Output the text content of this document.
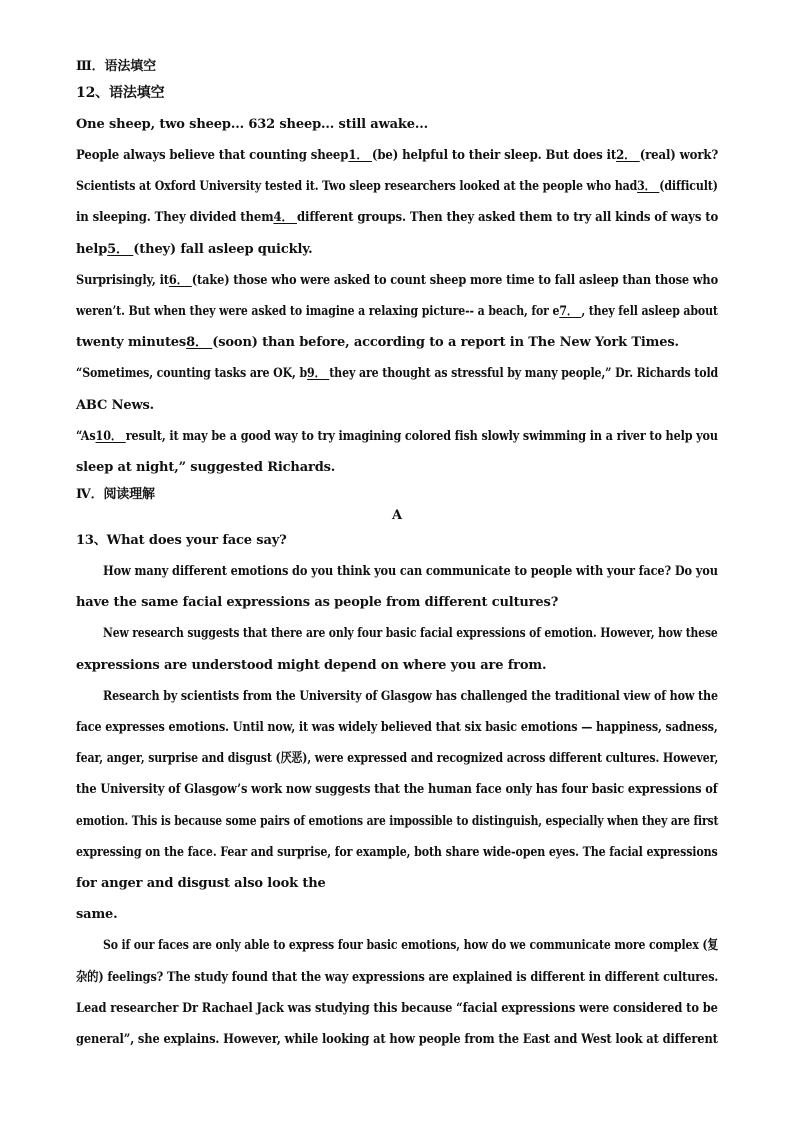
Ⅲ．语法填空
12、语法填空
One sheep, two sheep... 632 sheep... still awake...
People always believe that counting sheep1． (be) helpful to their sleep. But does it2． (real) work?
Scientists at Oxford University tested it. Two sleep researchers looked at the people who had3． (difficult)
in sleeping. They divided them4． different groups. Then they asked them to try all kinds of ways to
help5． (they) fall asleep quickly.
Surprisingly, it6． (take) those who were asked to count sheep more time to fall asleep than those who
weren’t. But when they were asked to imagine a relaxing picture-- a beach, for e7． , they fell asleep about
twenty minutes8． (soon) than before, according to a report in The New York Times.
“Sometimes, counting tasks are OK, b9． they are thought as stressful by many people,” Dr. Richards told
ABC News.
“As10． result, it may be a good way to try imagining colored fish slowly swimming in a river to help you
sleep at night,” suggested Richards.
Ⅳ．阅读理解
A
13、What does your face say?
How many different emotions do you think you can communicate to people with your face? Do you
have the same facial expressions as people from different cultures?
New research suggests that there are only four basic facial expressions of emotion. However, how these
expressions are understood might depend on where you are from.
Research by scientists from the University of Glasgow has challenged the traditional view of how the
face expresses emotions. Until now, it was widely believed that six basic emotions — happiness, sadness,
fear, anger, surprise and disgust (厌恶), were expressed and recognized across different cultures. However,
the University of Glasgow’s work now suggests that the human face only has four basic expressions of
emotion. This is because some pairs of emotions are impossible to distinguish, especially when they are first
expressing on the face. Fear and surprise, for example, both share wide-open eyes. The facial expressions
for anger and disgust also look the
same.
So if our faces are only able to express four basic emotions, how do we communicate more complex (复
杂的) feelings? The study found that the way expressions are explained is different in different cultures.
Lead researcher Dr Rachael Jack was studying this because “facial expressions were considered to be
general”, she explains. However, while looking at how people from the East and West look at different
